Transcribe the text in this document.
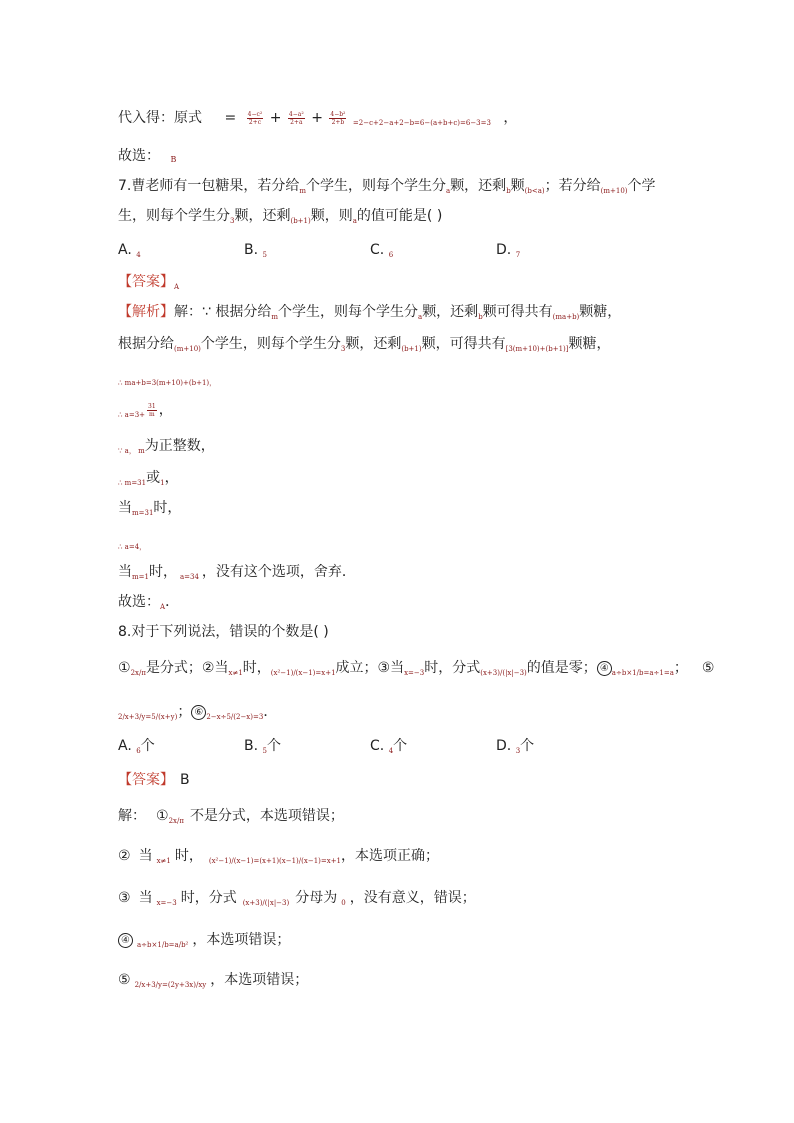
代入得：原式 = $\frac{\text{4−c²}}{2+c} + \frac{\text{4−a²}}{2+a} + \frac{\text{4−b²}}{2+b} _{=2-c+2-a+2-b=6-(a+b+c)=6-3=3}$ ，
故选： B
7.曹老师有一包糖果，若分给$_m$个学生，则每个学生分$_a$颗，还剩$_b$颗$_{(b<a)}$；若分给$_{(m+10)}$个学
生，则每个学生分$_3$颗，还剩$_{(b+1)}$颗，则$_a$的值可能是( )
A. $_4$	B. $_5$	C. $_6$	D. $_7$
【答案】$_A$
【解析】解：∵ 根据分给$_m$个学生，则每个学生分$_a$颗，还剩$_b$颗可得共有$_{(ma+b)}$颗糖，
根据分给$_{(m+10)}$个学生，则每个学生分$_3$颗，还剩$_{(b+1)}$颗，可得共有$_{[3(m+10)+(b+1)]}$颗糖，
$_{\therefore ma+b=3(m+10)+(b+1),}$
$_{\therefore a=3+} \frac{31}{m}$ ，
$_{\because a, m}$为正整数，
$_{\therefore m=31}$或$_1$，
当$_{m=31}$时，
$_{\therefore a=4,}$
当$_{m=1}$时， $_{a=34}$ ，没有这个选项，舍弃．
故选：$_A$．
8.对于下列说法，错误的个数是( )
$①_{2x/\pi}$是分式；②当$_{x\ne 1}$时，$_{(x^2-1)/(x-1)=x+1}$成立；③当$_{x=-3}$时，分式$_{(x+3)/(|x|-3)}$的值是零； ④ $_{a\div b\times 1/b=a\div 1=a}$； ⑤
$_{2/x+3/y=5/(x+y)}$； ⑥ $_{2-x\div 5/(2-x)=3}$．
A. $_6$个	B. $_5$个	C. $_4$个	D. $_3$个
【答案】 B
解： $①_{2x/\pi}$ 不是分式，本选项错误；
② 当 $_{x\ne 1}$ 时， $_{(x^2-1)/(x-1)=(x+1)(x-1)/(x-1)=x+1}$，本选项正确；
③ 当 $_{x=-3}$ 时，分式 $_{(x+3)/(|x|-3)}$ 分母为 $_0$ ，没有意义，错误；
④ $_{a\div b\times 1/b=a/b^2}$ ，本选项错误；
⑤ $_{2/x+3/y=(2y+3x)/xy}$ ，本选项错误；
